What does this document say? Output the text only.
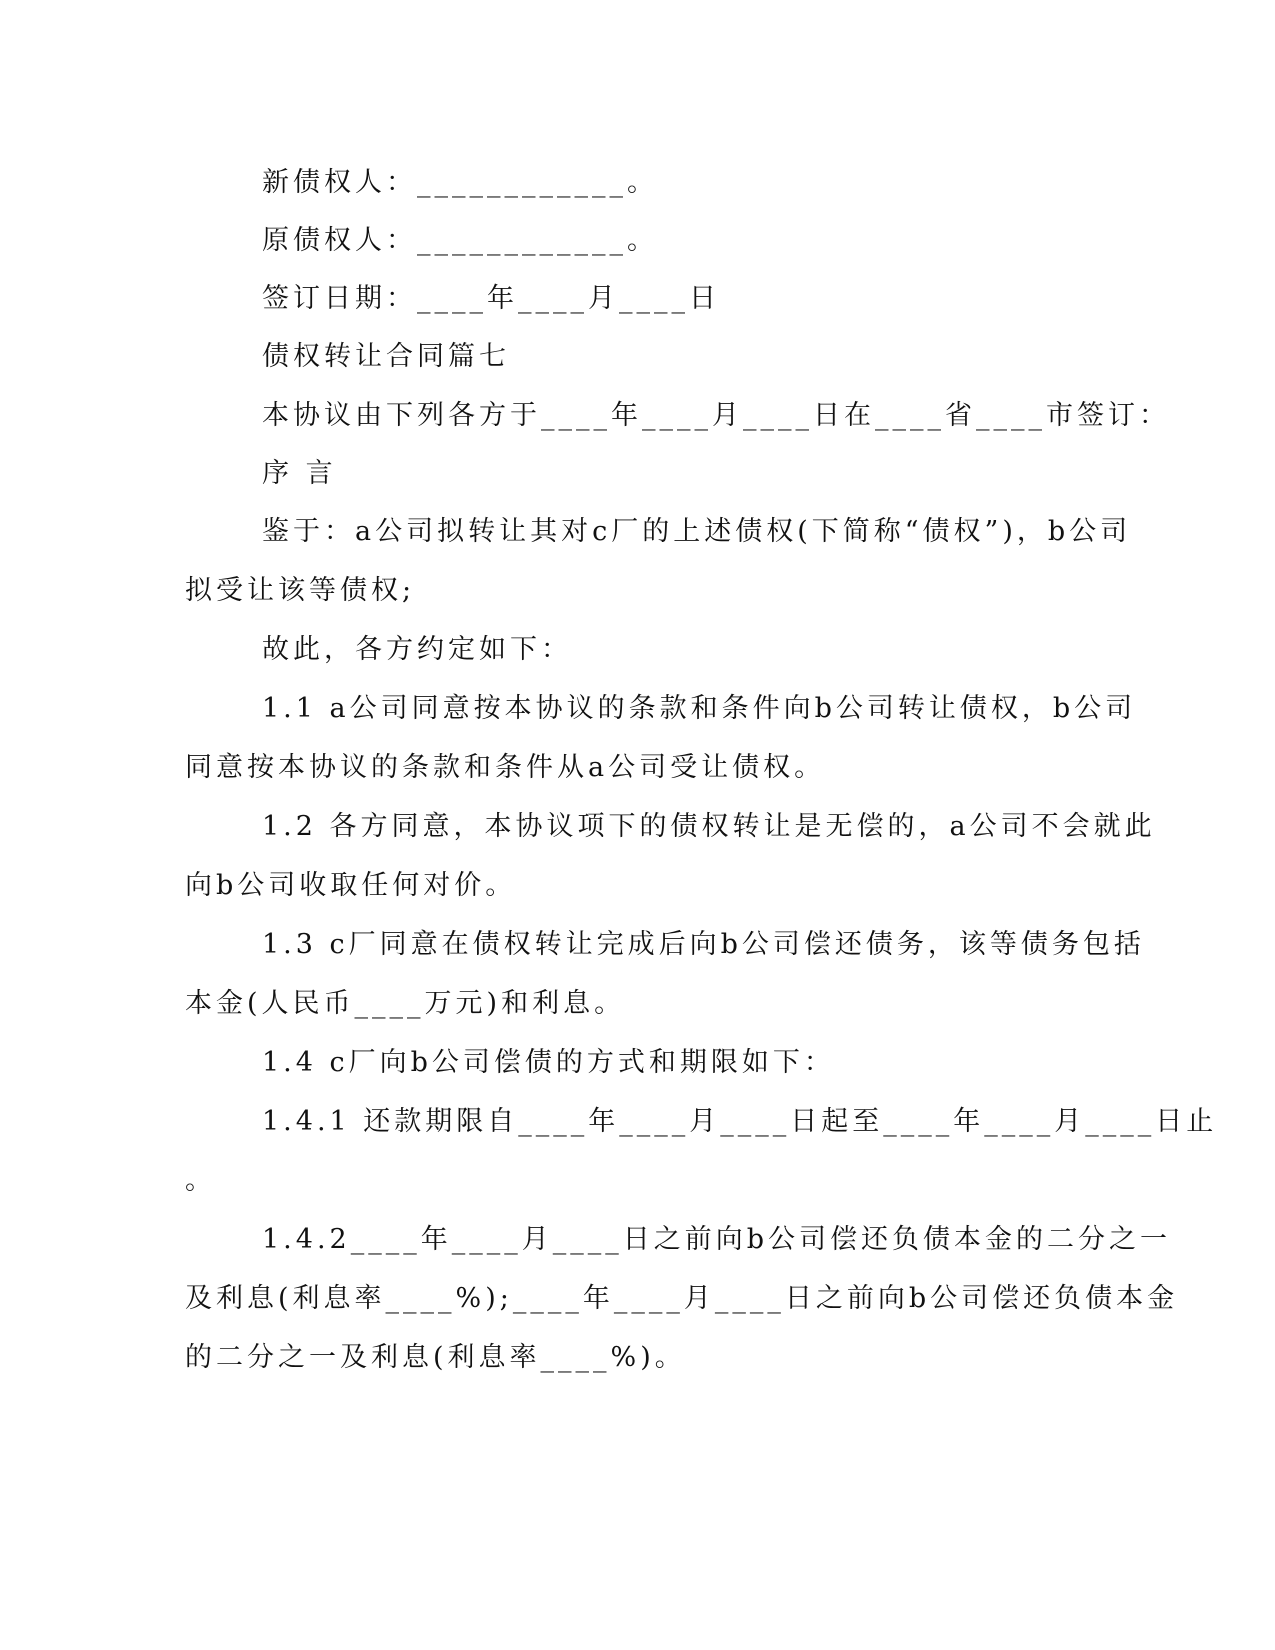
新债权人：____________。
原债权人：____________。
签订日期：____年____月____日
债权转让合同篇七
本协议由下列各方于____年____月____日在____省____市签订：
序 言
鉴于：a公司拟转让其对c厂的上述债权(下简称“债权”)，b公司
拟受让该等债权;
故此，各方约定如下：
1.1 a公司同意按本协议的条款和条件向b公司转让债权，b公司
同意按本协议的条款和条件从a公司受让债权。
1.2 各方同意，本协议项下的债权转让是无偿的，a公司不会就此
向b公司收取任何对价。
1.3 c厂同意在债权转让完成后向b公司偿还债务，该等债务包括
本金(人民币____万元)和利息。
1.4 c厂向b公司偿债的方式和期限如下：
1.4.1 还款期限自____年____月____日起至____年____月____日止
。
1.4.2____年____月____日之前向b公司偿还负债本金的二分之一
及利息(利息率____%);____年____月____日之前向b公司偿还负债本金
的二分之一及利息(利息率____%)。
